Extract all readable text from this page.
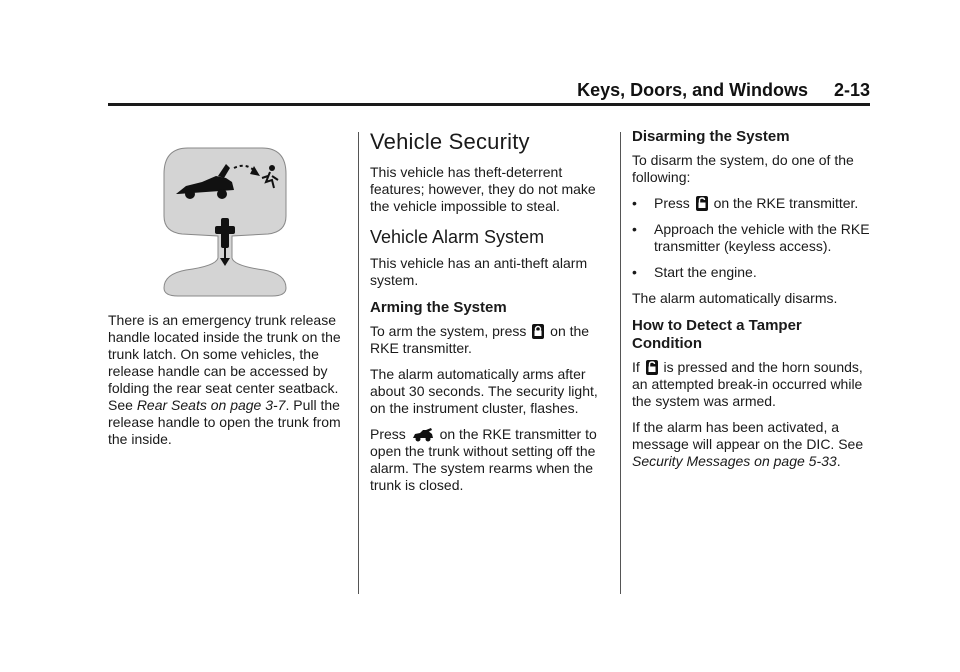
Keys, Doors, and Windows 2-13

There is an emergency trunk release handle located inside the trunk on the trunk latch. On some vehicles, the release handle can be accessed by folding the rear seat center seatback. See Rear Seats on page 3-7. Pull the release handle to open the trunk from the inside.

Vehicle Security

This vehicle has theft-deterrent features; however, they do not make the vehicle impossible to steal.

Vehicle Alarm System

This vehicle has an anti-theft alarm system.

Arming the System

To arm the system, press  on the RKE transmitter.

The alarm automatically arms after about 30 seconds. The security light, on the instrument cluster, flashes.

Press  on the RKE transmitter to open the trunk without setting off the alarm. The system rearms when the trunk is closed.

Disarming the System

To disarm the system, do one of the following:

• Press  on the RKE transmitter.
• Approach the vehicle with the RKE transmitter (keyless access).
• Start the engine.

The alarm automatically disarms.

How to Detect a Tamper Condition

If  is pressed and the horn sounds, an attempted break-in occurred while the system was armed.

If the alarm has been activated, a message will appear on the DIC. See Security Messages on page 5-33.
